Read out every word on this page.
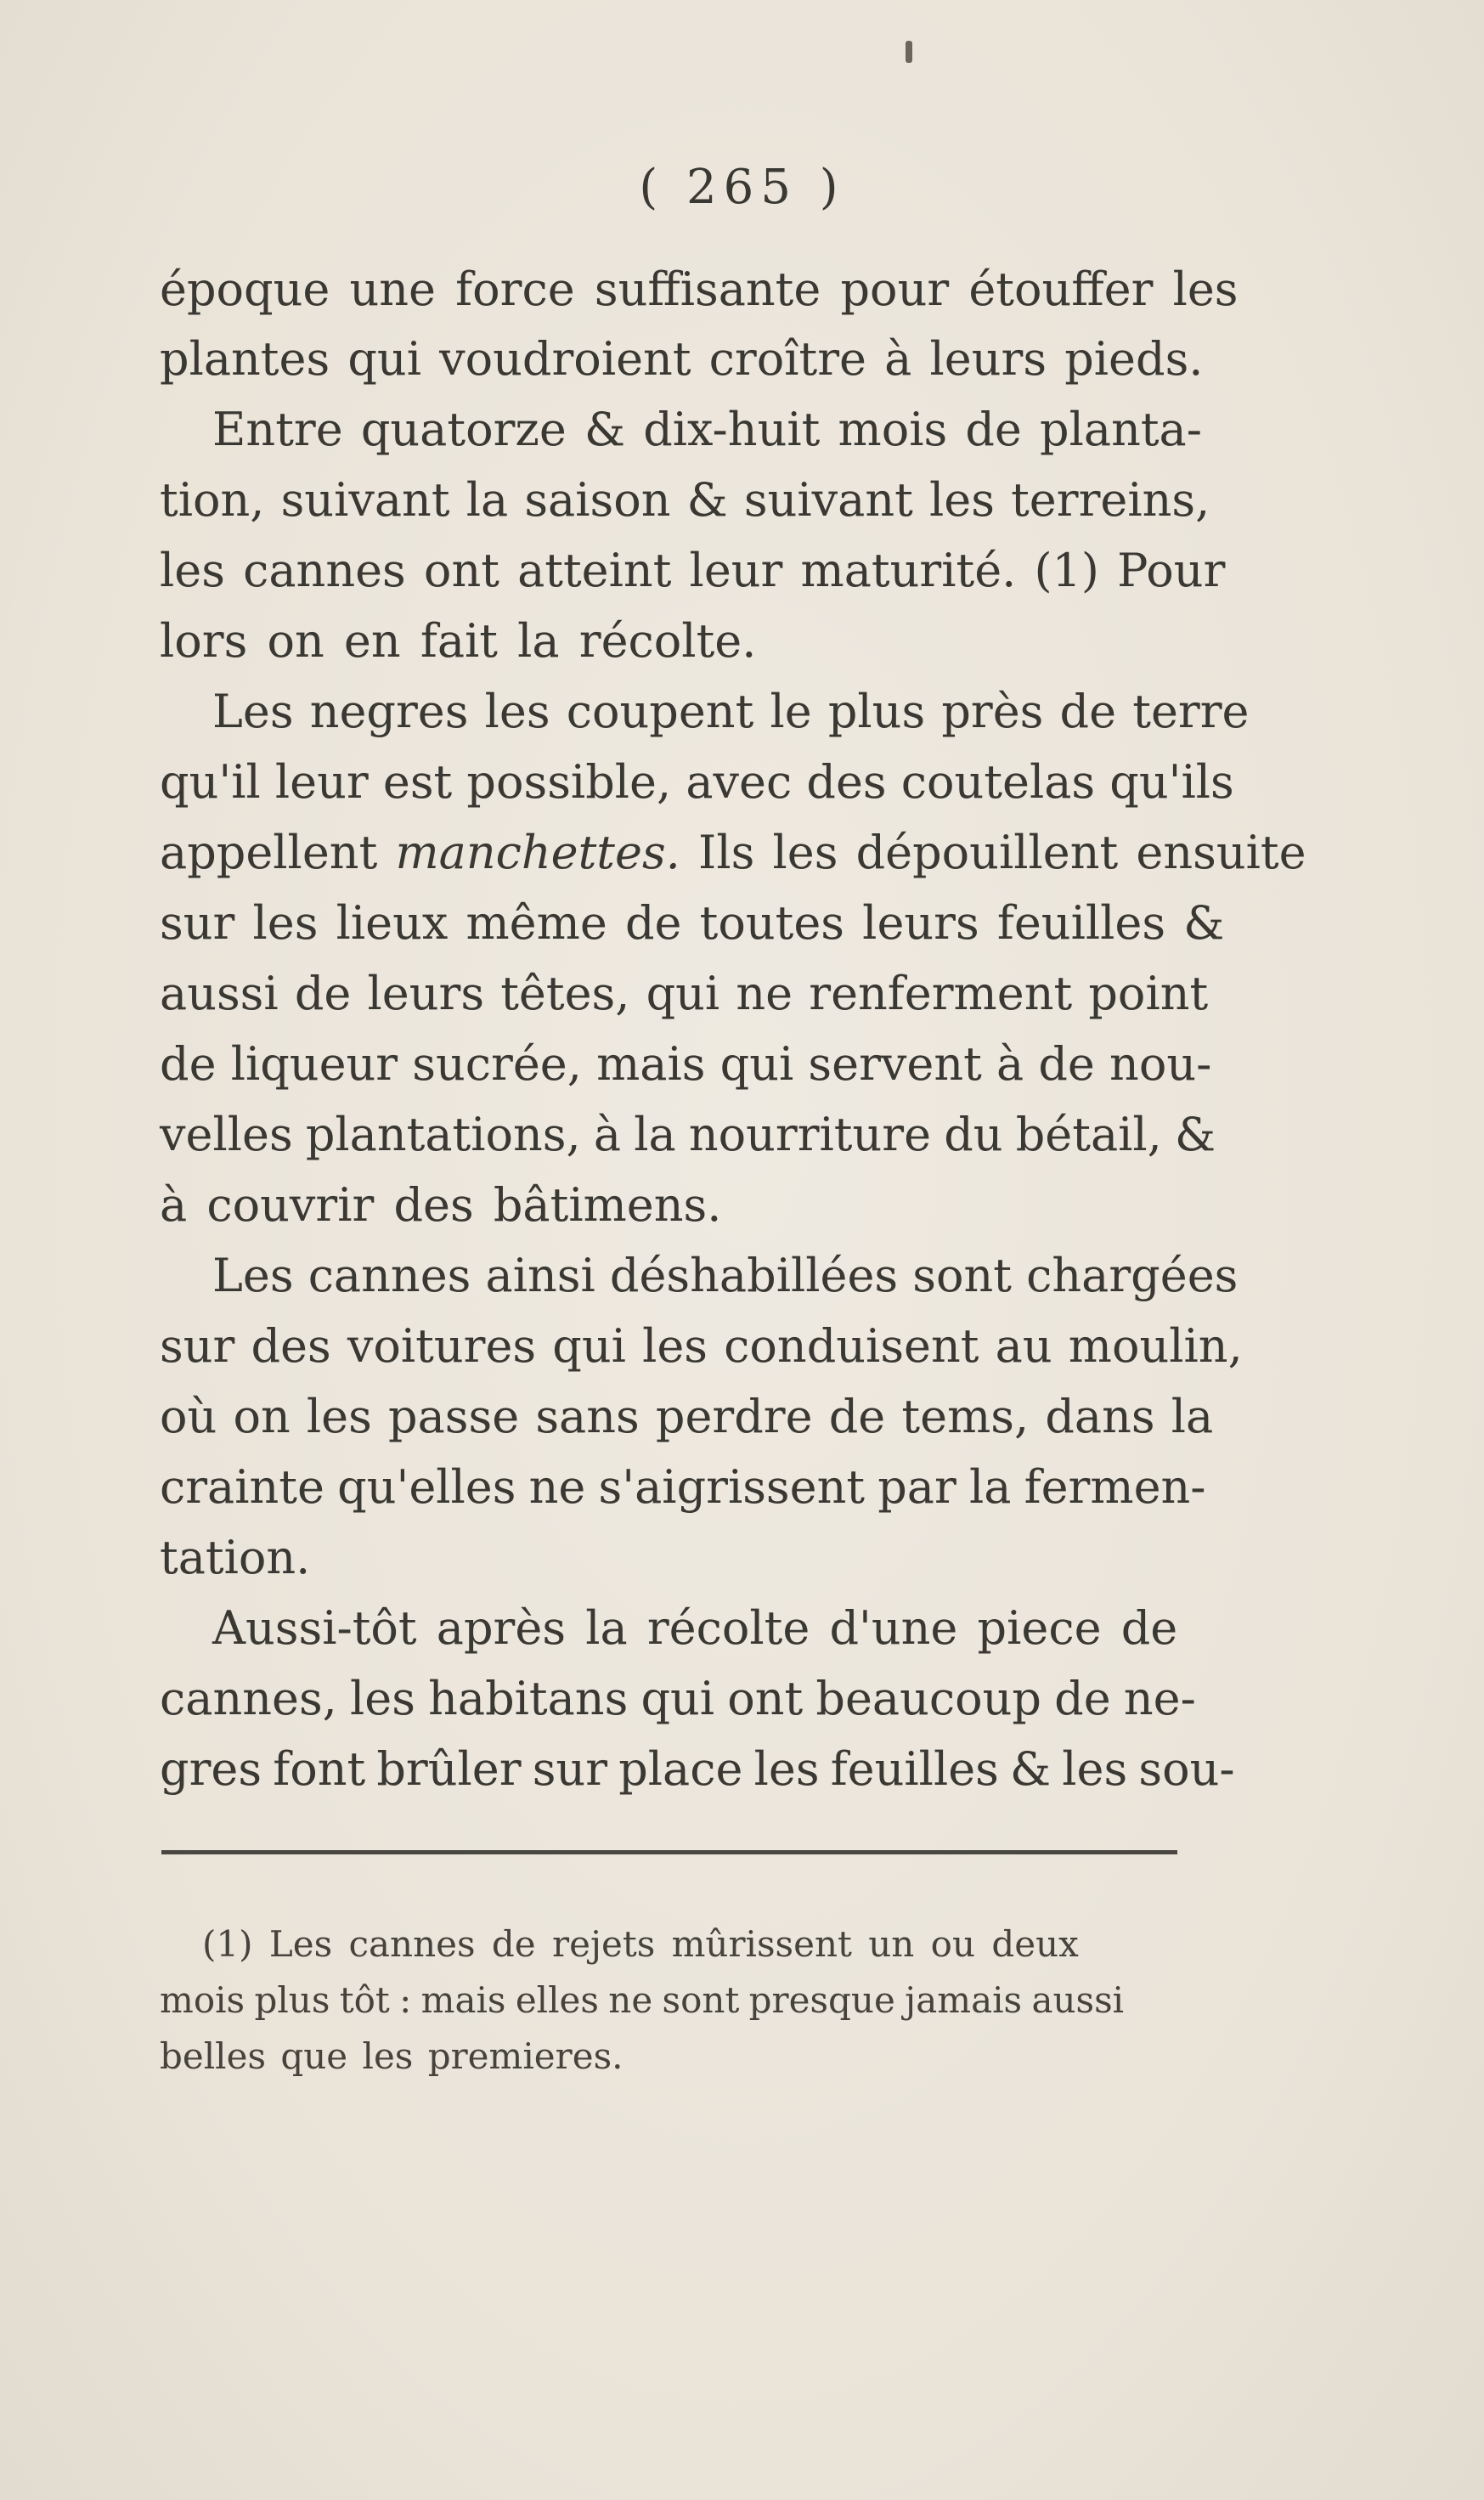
( 265 )
époque une force suffisante pour étouffer les
plantes qui voudroient croître à leurs pieds.
Entre quatorze & dix-huit mois de planta-
tion, suivant la saison & suivant les terreins,
les cannes ont atteint leur maturité. (1) Pour
lors on en fait la récolte.
Les negres les coupent le plus près de terre
qu'il leur est possible, avec des coutelas qu'ils
appellent manchettes. Ils les dépouillent ensuite
sur les lieux même de toutes leurs feuilles &
aussi de leurs têtes, qui ne renferment point
de liqueur sucrée, mais qui servent à de nou-
velles plantations, à la nourriture du bétail, &
à couvrir des bâtimens.
Les cannes ainsi déshabillées sont chargées
sur des voitures qui les conduisent au moulin,
où on les passe sans perdre de tems, dans la
crainte qu'elles ne s'aigrissent par la fermen-
tation.
Aussi-tôt après la récolte d'une piece de
cannes, les habitans qui ont beaucoup de ne-
gres font brûler sur place les feuilles & les sou-
(1) Les cannes de rejets mûrissent un ou deux
mois plus tôt : mais elles ne sont presque jamais aussi
belles que les premieres.
